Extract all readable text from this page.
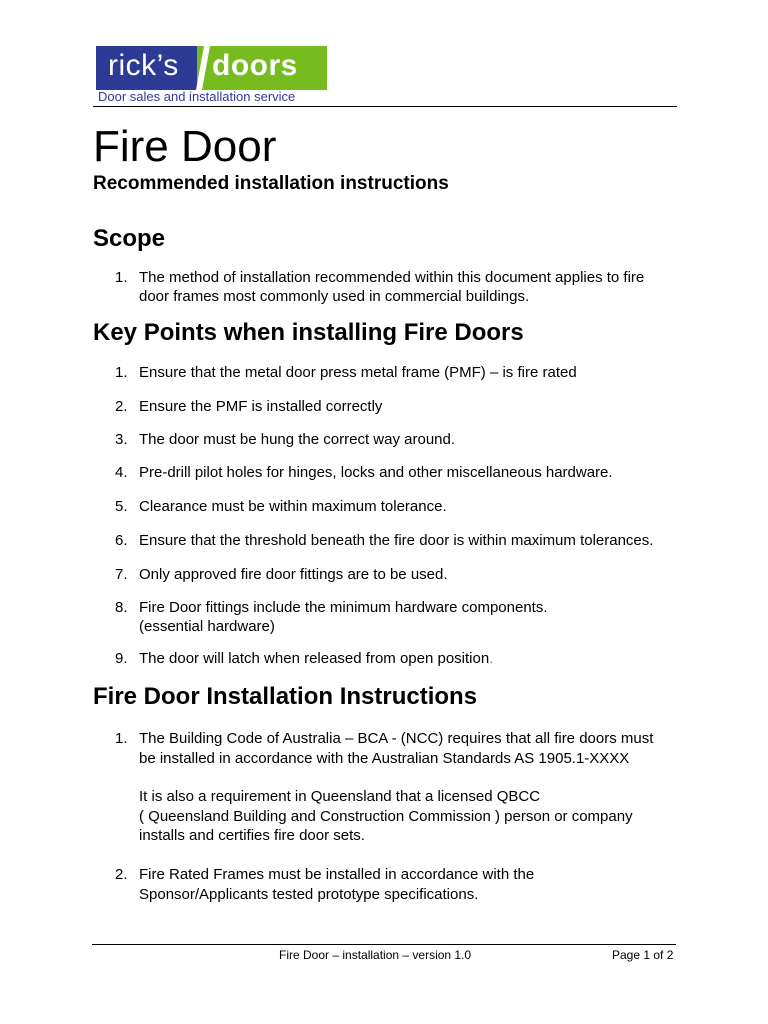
rick’s doors
Door sales and installation service
Fire Door

Recommended installation instructions

Scope
1. The method of installation recommended within this document applies to fire
door frames most commonly used in commercial buildings.
Key Points when installing Fire Doors
1. Ensure that the metal door press metal frame (PMF) – is fire rated
2. Ensure the PMF is installed correctly
3. The door must be hung the correct way around.
4. Pre-drill pilot holes for hinges, locks and other miscellaneous hardware.
5. Clearance must be within maximum tolerance.
6. Ensure that the threshold beneath the fire door is within maximum tolerances.
7. Only approved fire door fittings are to be used.
8. Fire Door fittings include the minimum hardware components.
(essential hardware)
9. The door will latch when released from open position.
Fire Door Installation Instructions
1. The Building Code of Australia – BCA - (NCC) requires that all fire doors must
be installed in accordance with the Australian Standards AS 1905.1-XXXX
It is also a requirement in Queensland that a licensed QBCC
( Queensland Building and Construction Commission ) person or company
installs and certifies fire door sets.
2. Fire Rated Frames must be installed in accordance with the
Sponsor/Applicants tested prototype specifications.
Fire Door – installation – version 1.0	Page 1 of 2
